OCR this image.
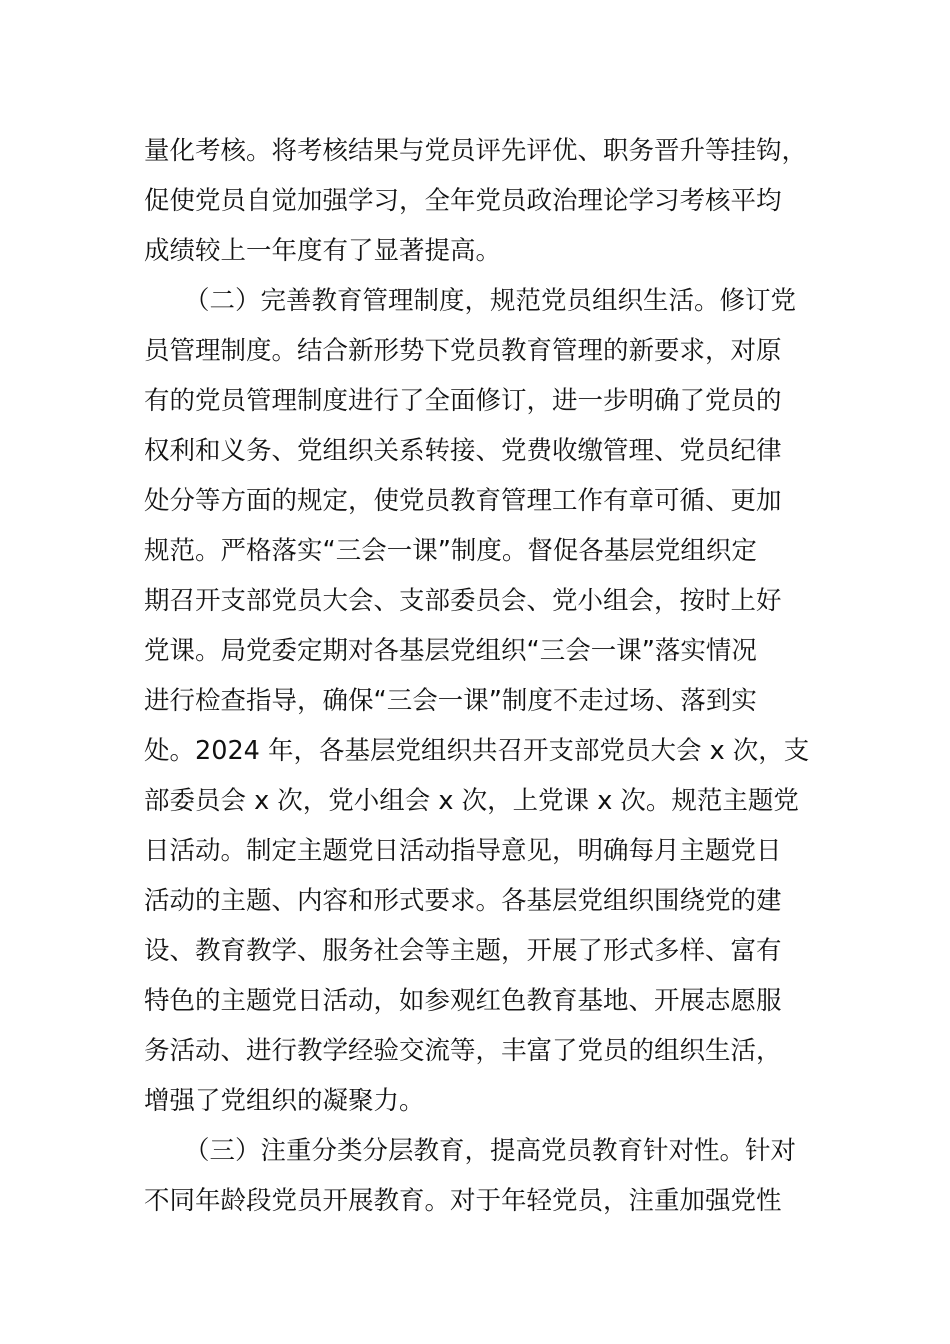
量化考核。将考核结果与党员评先评优、职务晋升等挂钩，
促使党员自觉加强学习，全年党员政治理论学习考核平均
成绩较上一年度有了显著提高。
（二）完善教育管理制度，规范党员组织生活。修订党
员管理制度。结合新形势下党员教育管理的新要求，对原
有的党员管理制度进行了全面修订，进一步明确了党员的
权利和义务、党组织关系转接、党费收缴管理、党员纪律
处分等方面的规定，使党员教育管理工作有章可循、更加
规范。严格落实“三会一课”制度。督促各基层党组织定
期召开支部党员大会、支部委员会、党小组会，按时上好
党课。局党委定期对各基层党组织“三会一课”落实情况
进行检查指导，确保“三会一课”制度不走过场、落到实
处。2024 年，各基层党组织共召开支部党员大会 x 次，支
部委员会 x 次，党小组会 x 次，上党课 x 次。规范主题党
日活动。制定主题党日活动指导意见，明确每月主题党日
活动的主题、内容和形式要求。各基层党组织围绕党的建
设、教育教学、服务社会等主题，开展了形式多样、富有
特色的主题党日活动，如参观红色教育基地、开展志愿服
务活动、进行教学经验交流等，丰富了党员的组织生活，
增强了党组织的凝聚力。
（三）注重分类分层教育，提高党员教育针对性。针对
不同年龄段党员开展教育。对于年轻党员，注重加强党性
